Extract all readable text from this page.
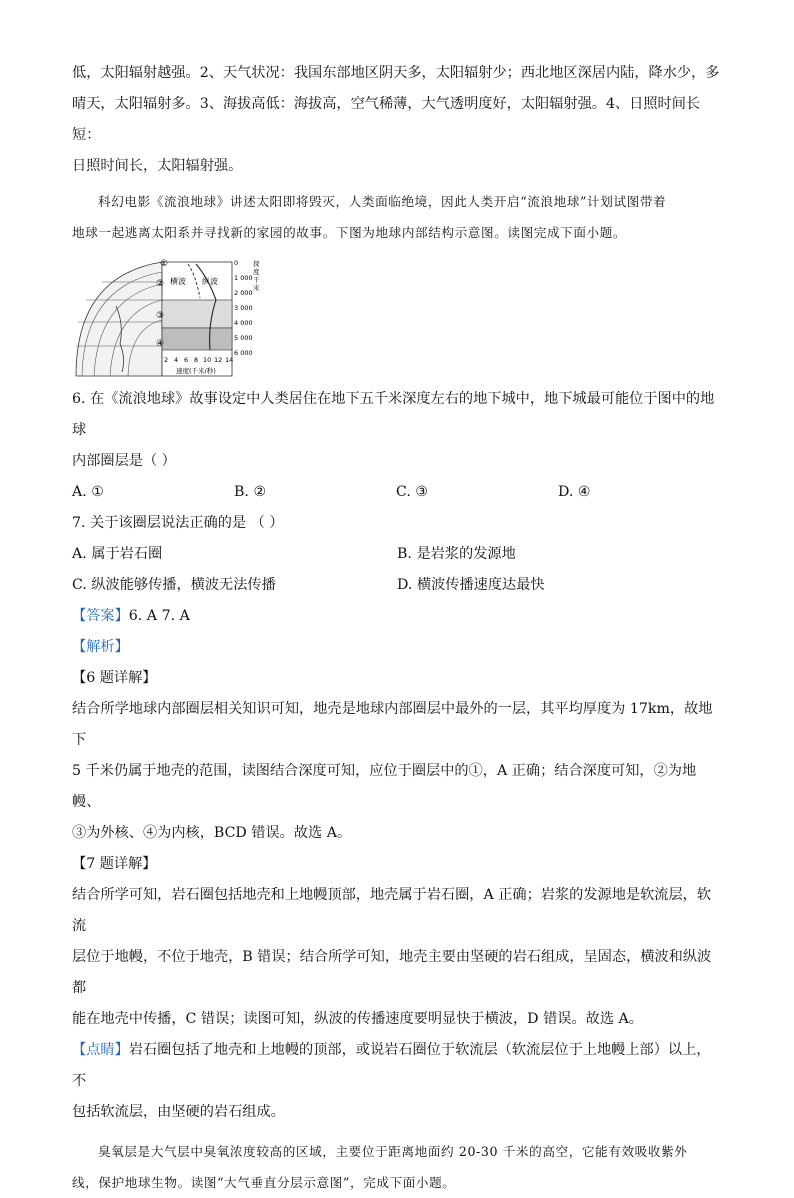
低，太阳辐射越强。2、天气状况：我国东部地区阴天多，太阳辐射少；西北地区深居内陆，降水少，多

晴天，太阳辐射多。3、海拔高低：海拔高，空气稀薄，大气透明度好，太阳辐射强。4、日照时间长短：

日照时间长，太阳辐射强。

科幻电影《流浪地球》讲述太阳即将毁灭，人类面临绝境，因此人类开启“流浪地球”计划试图带着

地球一起逃离太阳系并寻找新的家园的故事。下图为地球内部结构示意图。读图完成下面小题。

横波 纵波
①
②
③
④
0
1 000
2 000
3 000
4 000
5 000
6 000
探
度
千
米
2 4 6 8 10 12 14
速度(千米/秒)

6. 在《流浪地球》故事设定中人类居住在地下五千米深度左右的地下城中，地下城最可能位于图中的地球

内部圈层是（ ）

A. ①	B. ②	C. ③	D. ④

7. 关于该圈层说法正确的是 （ ）

A. 属于岩石圈	B. 是岩浆的发源地
C. 纵波能够传播，横波无法传播	D. 横波传播速度达最快

【答案】6. A 7. A

【解析】

【6 题详解】

结合所学地球内部圈层相关知识可知，地壳是地球内部圈层中最外的一层，其平均厚度为 17km，故地下

5 千米仍属于地壳的范围，读图结合深度可知，应位于圈层中的①，A 正确；结合深度可知，②为地幔、

③为外核、④为内核，BCD 错误。故选 A。

【7 题详解】

结合所学可知，岩石圈包括地壳和上地幔顶部，地壳属于岩石圈，A 正确；岩浆的发源地是软流层，软流

层位于地幔，不位于地壳，B 错误；结合所学可知，地壳主要由坚硬的岩石组成，呈固态，横波和纵波都

能在地壳中传播，C 错误；读图可知，纵波的传播速度要明显快于横波，D 错误。故选 A。

【点睛】岩石圈包括了地壳和上地幔的顶部，或说岩石圈位于软流层（软流层位于上地幔上部）以上，不

包括软流层，由坚硬的岩石组成。

臭氧层是大气层中臭氧浓度较高的区域，主要位于距离地面约 20-30 千米的高空，它能有效吸收紫外

线，保护地球生物。读图“大气垂直分层示意图”，完成下面小题。
